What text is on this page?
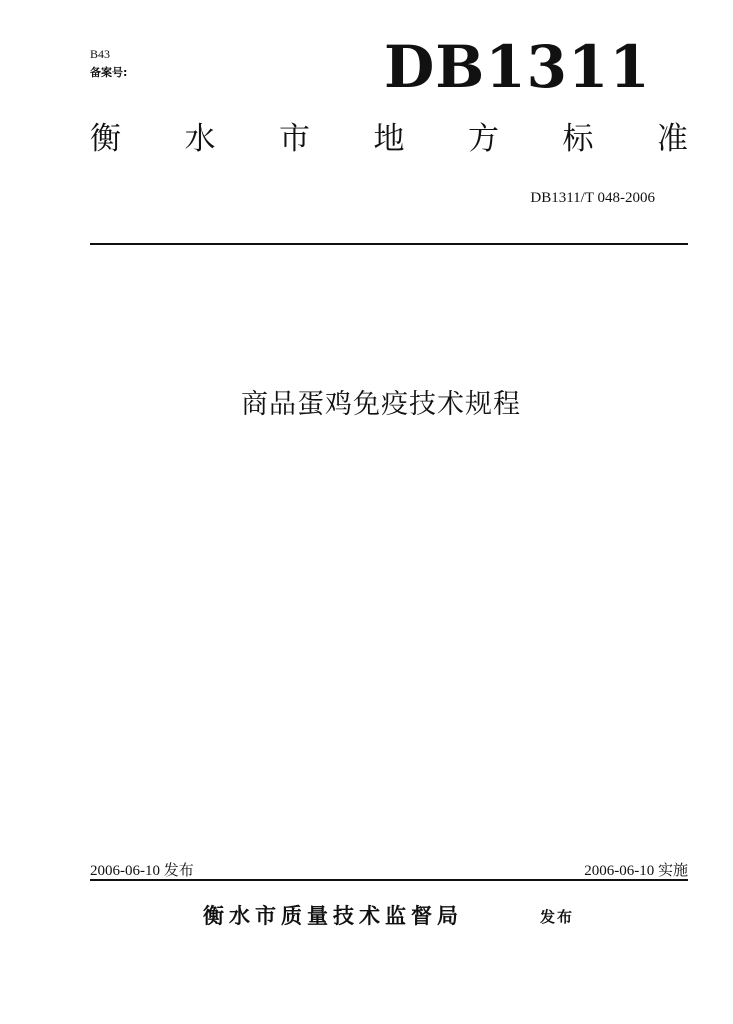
B43
备案号:	DB1311
衡 水 市 地 方 标 准
DB1311/T 048-2006
商品蛋鸡免疫技术规程
2006-06-10 发布	2006-06-10 实施
衡水市质量技术监督局	发布
